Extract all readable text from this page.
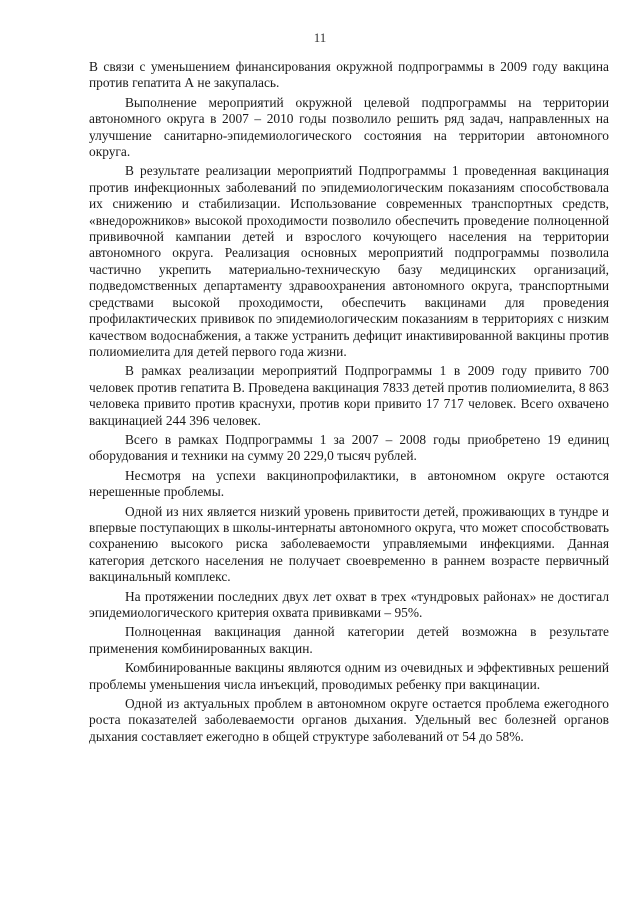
11

В связи с уменьшением финансирования окружной подпрограммы в 2009 году вакцина против гепатита А не закупалась.

Выполнение мероприятий окружной целевой подпрограммы на территории автономного округа в 2007 – 2010 годы позволило решить ряд задач, направленных на улучшение санитарно-эпидемиологического состояния на территории автономного округа.

В результате реализации мероприятий Подпрограммы 1 проведенная вакцинация против инфекционных заболеваний по эпидемиологическим показаниям способствовала их снижению и стабилизации. Использование современных транспортных средств, «внедорожников» высокой проходимости позволило обеспечить проведение полноценной прививочной кампании детей и взрослого кочующего населения на территории автономного округа. Реализация основных мероприятий подпрограммы позволила частично укрепить материально-техническую базу медицинских организаций, подведомственных департаменту здравоохранения автономного округа, транспортными средствами высокой проходимости, обеспечить вакцинами для проведения профилактических прививок по эпидемиологическим показаниям в территориях с низким качеством водоснабжения, а также устранить дефицит инактивированной вакцины против полиомиелита для детей первого года жизни.

В рамках реализации мероприятий Подпрограммы 1 в 2009 году привито 700 человек против гепатита В. Проведена вакцинация 7833 детей против полиомиелита, 8 863 человека привито против краснухи, против кори привито 17 717 человек. Всего охвачено вакцинацией 244 396 человек.

Всего в рамках Подпрограммы 1 за 2007 – 2008 годы приобретено 19 единиц оборудования и техники на сумму 20 229,0 тысяч рублей.

Несмотря на успехи вакцинопрофилактики, в автономном округе остаются нерешенные проблемы.

Одной из них является низкий уровень привитости детей, проживающих в тундре и впервые поступающих в школы-интернаты автономного округа, что может способствовать сохранению высокого риска заболеваемости управляемыми инфекциями. Данная категория детского населения не получает своевременно в раннем возрасте первичный вакцинальный комплекс.

На протяжении последних двух лет охват в трех «тундровых районах» не достигал эпидемиологического критерия охвата прививками – 95%.

Полноценная вакцинация данной категории детей возможна в результате применения комбинированных вакцин.

Комбинированные вакцины являются одним из очевидных и эффективных решений проблемы уменьшения числа инъекций, проводимых ребенку при вакцинации.

Одной из актуальных проблем в автономном округе остается проблема ежегодного роста показателей заболеваемости органов дыхания. Удельный вес болезней органов дыхания составляет ежегодно в общей структуре заболеваний от 54 до 58%.
